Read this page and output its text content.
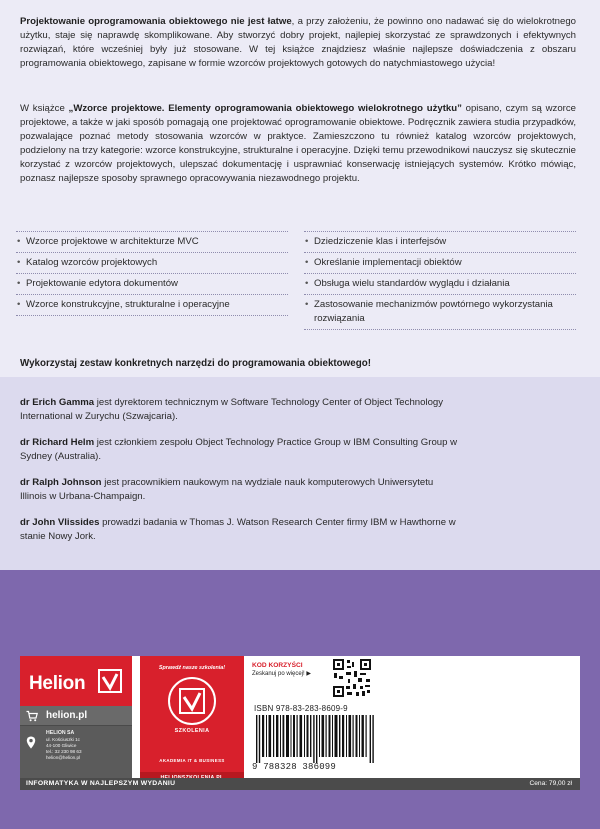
Projektowanie oprogramowania obiektowego nie jest łatwe, a przy założeniu, że powinno ono nadawać się do wielokrotnego użytku, staje się naprawdę skomplikowane. Aby stworzyć dobry projekt, najlepiej skorzystać ze sprawdzonych i efektywnych rozwiązań, które wcześniej były już stosowane. W tej książce znajdziesz właśnie najlepsze doświadczenia z obszaru programowania obiektowego, zapisane w formie wzorców projektowych gotowych do natychmiastowego użycia!

W książce „Wzorce projektowe. Elementy oprogramowania obiektowego wielokrotnego użytku” opisano, czym są wzorce projektowe, a także w jaki sposób pomagają one projektować oprogramowanie obiektowe. Podręcznik zawiera studia przypadków, pozwalające poznać metody stosowania wzorców w praktyce. Zamieszczono tu również katalog wzorców projektowych, podzielony na trzy kategorie: wzorce konstrukcyjne, strukturalne i operacyjne. Dzięki temu przewodnikowi nauczysz się skutecznie korzystać z wzorców projektowych, ulepszać dokumentację i usprawniać konserwację istniejących systemów. Krótko mówiąc, poznasz najlepsze sposoby sprawnego opracowywania niezawodnego projektu.

• Wzorce projektowe w architekturze MVC
• Katalog wzorców projektowych
• Projektowanie edytora dokumentów
• Wzorce konstrukcyjne, strukturalne i operacyjne
• Dziedziczenie klas i interfejsów
• Określanie implementacji obiektów
• Obsługa wielu standardów wyglądu i działania
• Zastosowanie mechanizmów powtórnego wykorzystania rozwiązania
Wykorzystaj zestaw konkretnych narzędzi do programowania obiektowego!

dr Erich Gamma jest dyrektorem technicznym w Software Technology Center of Object Technology International w Zurychu (Szwajcaria).

dr Richard Helm jest członkiem zespołu Object Technology Practice Group w IBM Consulting Group w Sydney (Australia).

dr Ralph Johnson jest pracownikiem naukowym na wydziale nauk komputerowych Uniwersytetu Illinois w Urbana-Champaign.

dr John Vlissides prowadzi badania w Thomas J. Watson Research Center firmy IBM w Hawthorne w stanie Nowy Jork.

Helion
helion.pl
HELION SA
ul. Kościuszki 1c
44-100 Gliwice
tel.: 32 230 98 63
helion@helion.pl
Sprawdź nasze szkolenia!
SZKOLENIA
AKADEMIA IT & BUSINESS
KOD KORZYŚCI
Zeskanuj po więcej! ▶
ISBN 978-83-283-8609-9
9 788328 386099
INFORMATYKA W NAJLEPSZYM WYDANIU	Cena: 79,00 zł
